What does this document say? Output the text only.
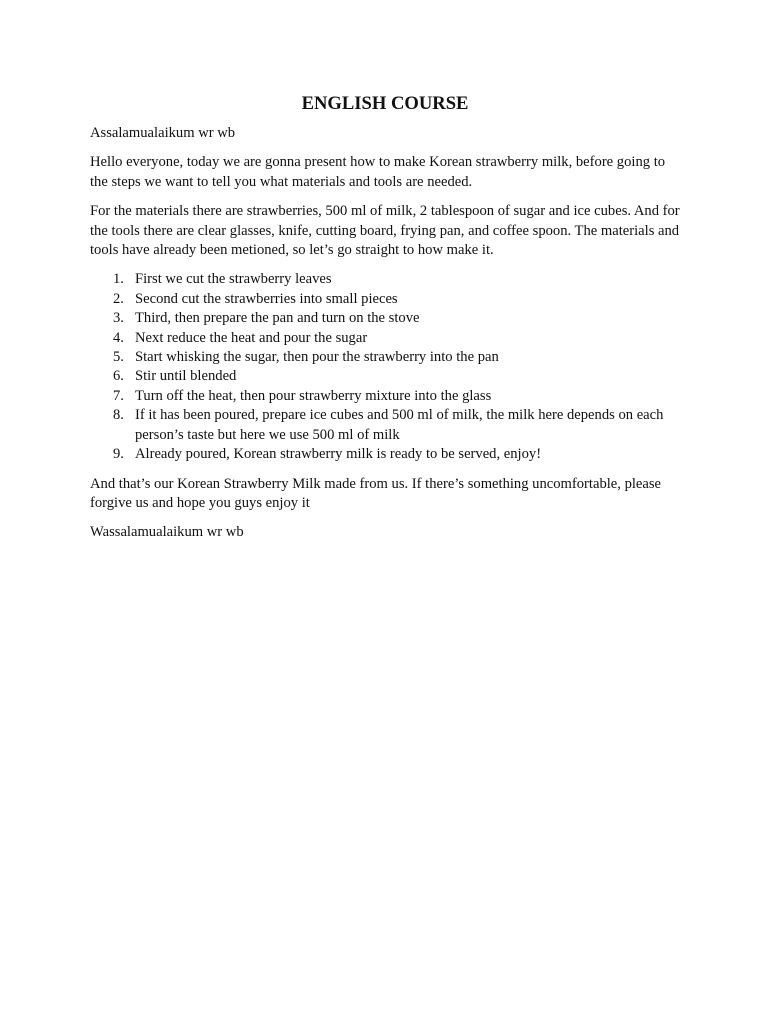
ENGLISH COURSE

Assalamualaikum wr wb

Hello everyone, today we are gonna present how to make Korean strawberry milk, before going to the steps we want to tell you what materials and tools are needed.

For the materials there are strawberries, 500 ml of milk, 2 tablespoon of sugar and ice cubes. And for the tools there are clear glasses, knife, cutting board, frying pan, and coffee spoon. The materials and tools have already been metioned, so let’s go straight to how make it.

1. First we cut the strawberry leaves
2. Second cut the strawberries into small pieces
3. Third, then prepare the pan and turn on the stove
4. Next reduce the heat and pour the sugar
5. Start whisking the sugar, then pour the strawberry into the pan
6. Stir until blended
7. Turn off the heat, then pour strawberry mixture into the glass
8. If it has been poured, prepare ice cubes and 500 ml of milk, the milk here depends on each person’s taste but here we use 500 ml of milk
9. Already poured, Korean strawberry milk is ready to be served, enjoy!

And that’s our Korean Strawberry Milk made from us. If there’s something uncomfortable, please forgive us and hope you guys enjoy it

Wassalamualaikum wr wb
